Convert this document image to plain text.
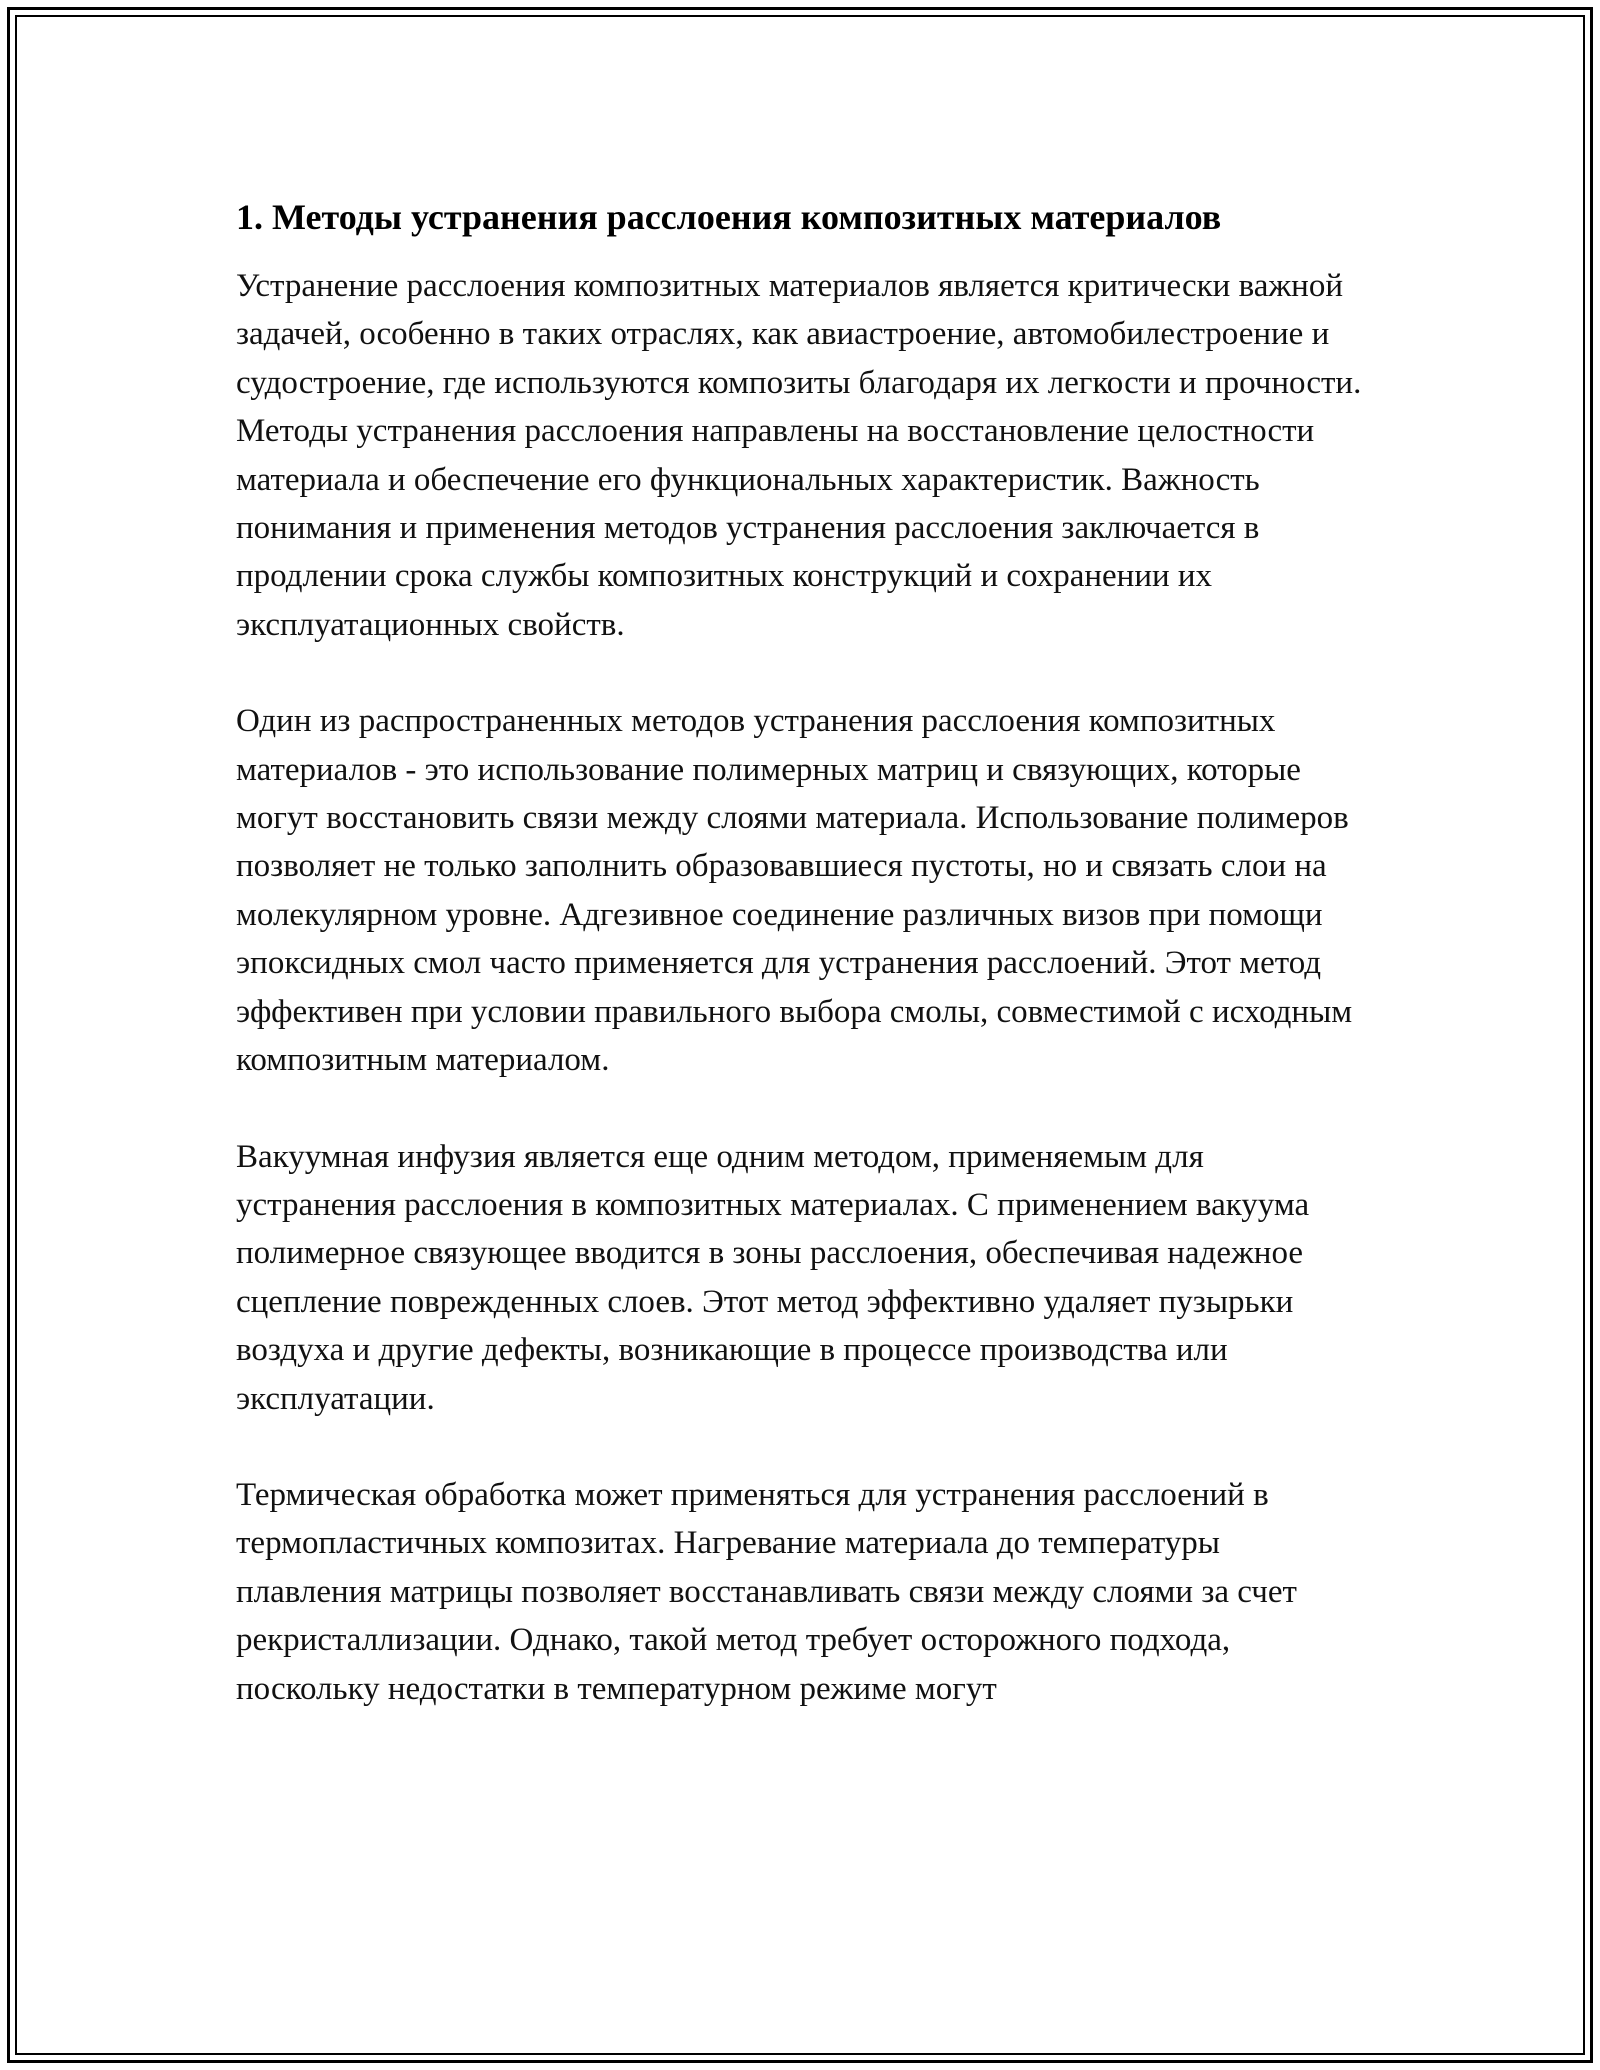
1. Методы устранения расслоения композитных материалов

Устранение расслоения композитных материалов является критически важной задачей, особенно в таких отраслях, как авиастроение, автомобилестроение и судостроение, где используются композиты благодаря их легкости и прочности. Методы устранения расслоения направлены на восстановление целостности материала и обеспечение его функциональных характеристик. Важность понимания и применения методов устранения расслоения заключается в продлении срока службы композитных конструкций и сохранении их эксплуатационных свойств.

Один из распространенных методов устранения расслоения композитных материалов - это использование полимерных матриц и связующих, которые могут восстановить связи между слоями материала. Использование полимеров позволяет не только заполнить образовавшиеся пустоты, но и связать слои на молекулярном уровне. Адгезивное соединение различных визов при помощи эпоксидных смол часто применяется для устранения расслоений. Этот метод эффективен при условии правильного выбора смолы, совместимой с исходным композитным материалом.

Вакуумная инфузия является еще одним методом, применяемым для устранения расслоения в композитных материалах. С применением вакуума полимерное связующее вводится в зоны расслоения, обеспечивая надежное сцепление поврежденных слоев. Этот метод эффективно удаляет пузырьки воздуха и другие дефекты, возникающие в процессе производства или эксплуатации.

Термическая обработка может применяться для устранения расслоений в термопластичных композитах. Нагревание материала до температуры плавления матрицы позволяет восстанавливать связи между слоями за счет рекристаллизации. Однако, такой метод требует осторожного подхода, поскольку недостатки в температурном режиме могут
